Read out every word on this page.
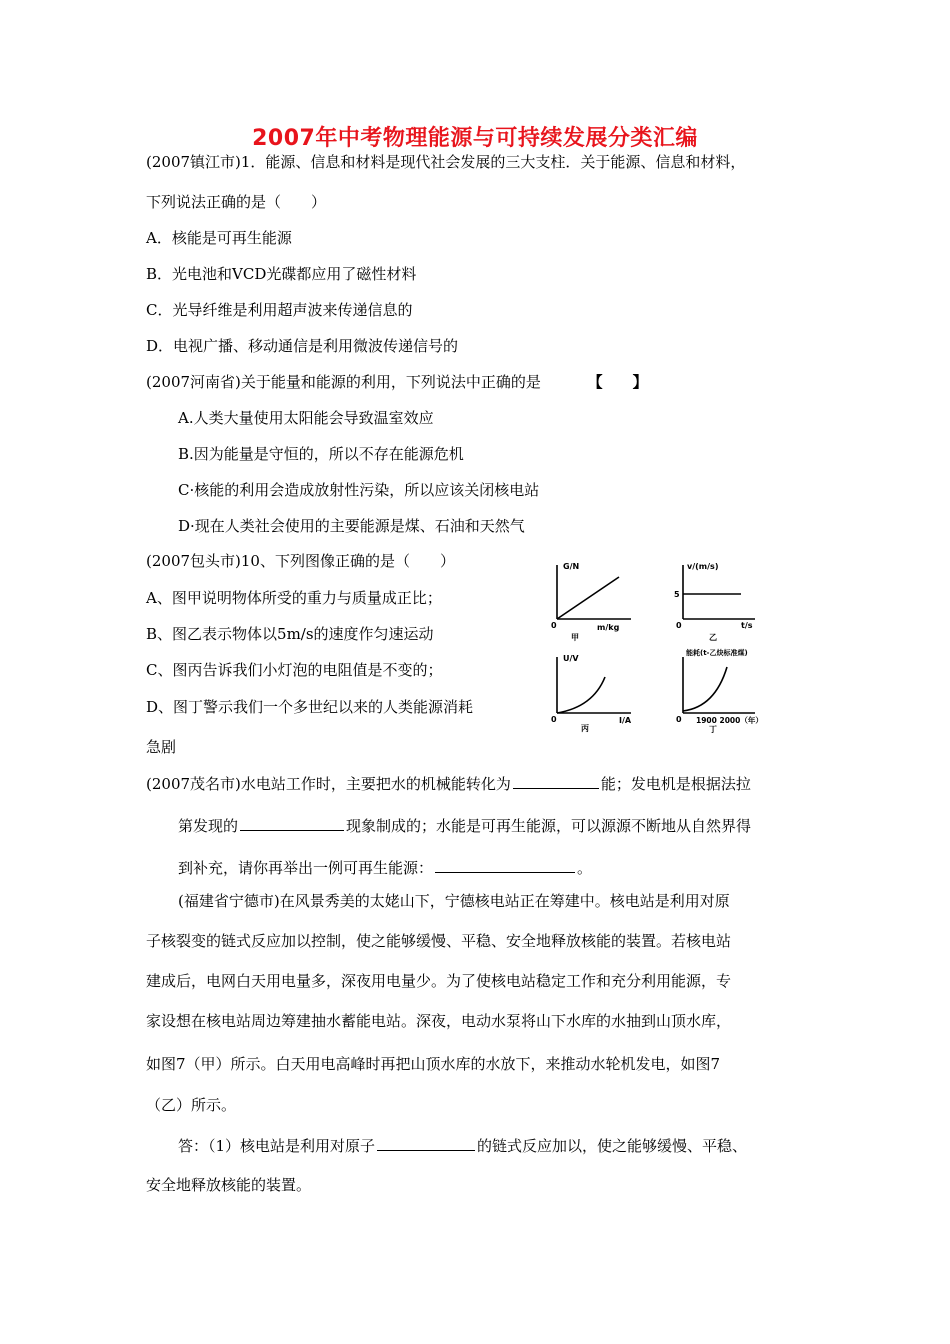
2007年中考物理能源与可持续发展分类汇编
(2007镇江市)1．能源、信息和材料是现代社会发展的三大支柱．关于能源、信息和材料，
下列说法正确的是（　　）
A．核能是可再生能源
B．光电池和VCD光碟都应用了磁性材料
C．光导纤维是利用超声波来传递信息的
D．电视广播、移动通信是利用微波传递信号的
(2007河南省)关于能量和能源的利用，下列说法中正确的是	【　　】
A.人类大量使用太阳能会导致温室效应
B.因为能量是守恒的，所以不存在能源危机
C·核能的利用会造成放射性污染，所以应该关闭核电站
D·现在人类社会使用的主要能源是煤、石油和天然气
(2007包头市)10、下列图像正确的是（　　）
A、图甲说明物体所受的重力与质量成正比；
B、图乙表示物体以5m/s的速度作匀速运动
C、图丙告诉我们小灯泡的电阻值是不变的；
D、图丁警示我们一个多世纪以来的人类能源消耗
急剧
G/N
m/kg
0
甲
v/(m/s)
t/s
0
5
乙
U/V
I/A
0
丙
能耗(t-乙炔标准煤)
1900 2000（年）
0
丁
(2007茂名市)水电站工作时，主要把水的机械能转化为	能；发电机是根据法拉
第发现的	现象制成的；水能是可再生能源，可以源源不断地从自然界得
到补充，请你再举出一例可再生能源：	。
(福建省宁德市)在风景秀美的太姥山下，宁德核电站正在筹建中。核电站是利用对原
子核裂变的链式反应加以控制，使之能够缓慢、平稳、安全地释放核能的装置。若核电站
建成后，电网白天用电量多，深夜用电量少。为了使核电站稳定工作和充分利用能源，专
家设想在核电站周边筹建抽水蓄能电站。深夜，电动水泵将山下水库的水抽到山顶水库，
如图7（甲）所示。白天用电高峰时再把山顶水库的水放下，来推动水轮机发电，如图7
（乙）所示。
答：（1）核电站是利用对原子	的链式反应加以，使之能够缓慢、平稳、
安全地释放核能的装置。
